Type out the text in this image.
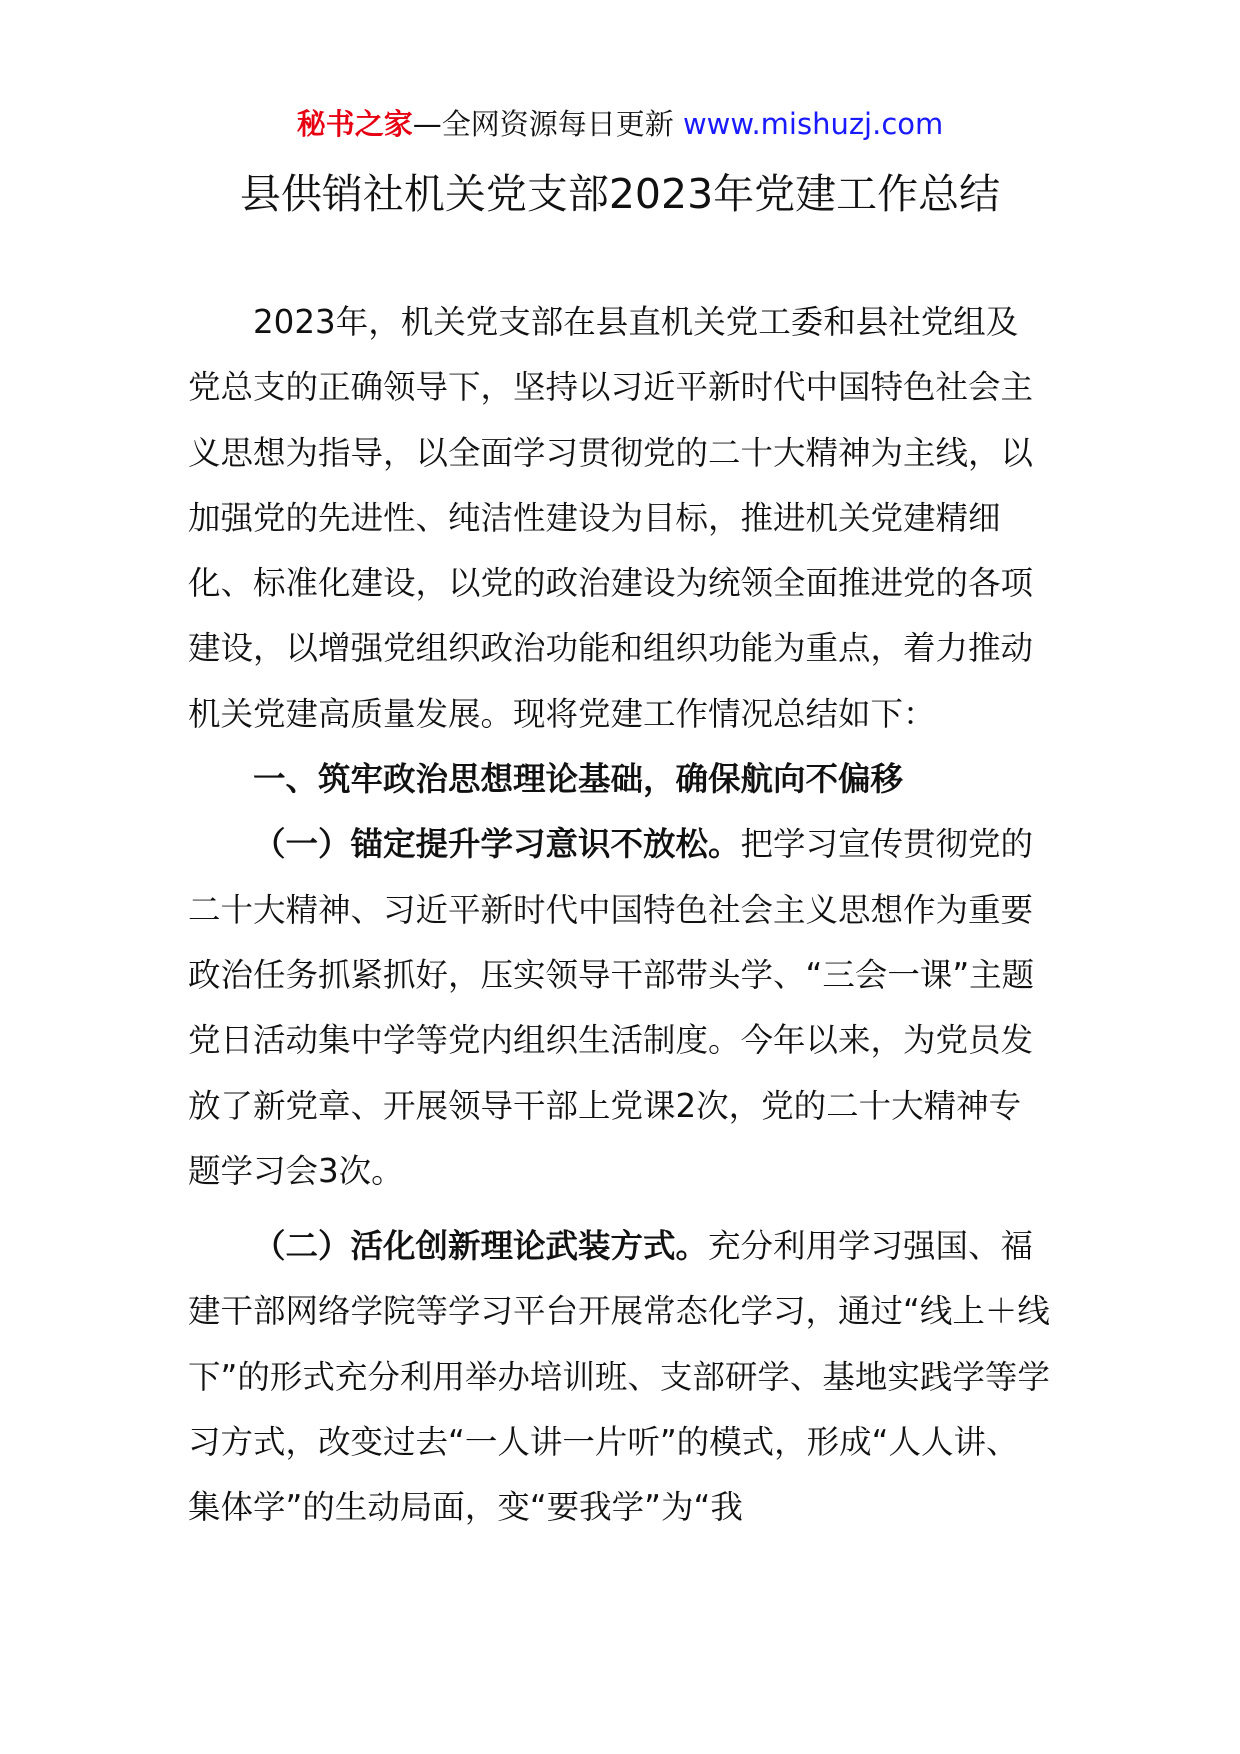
秘书之家—全网资源每日更新 www.mishuzj.com
县供销社机关党支部2023年党建工作总结

2023年，机关党支部在县直机关党工委和县社党组及党总支的正确领导下，坚持以习近平新时代中国特色社会主义思想为指导，以全面学习贯彻党的二十大精神为主线，以加强党的先进性、纯洁性建设为目标，推进机关党建精细化、标准化建设，以党的政治建设为统领全面推进党的各项建设，以增强党组织政治功能和组织功能为重点，着力推动机关党建高质量发展。现将党建工作情况总结如下：

一、筑牢政治思想理论基础，确保航向不偏移

（一）锚定提升学习意识不放松。把学习宣传贯彻党的二十大精神、习近平新时代中国特色社会主义思想作为重要政治任务抓紧抓好，压实领导干部带头学、“三会一课”主题党日活动集中学等党内组织生活制度。今年以来，为党员发放了新党章、开展领导干部上党课2次，党的二十大精神专题学习会3次。

（二）活化创新理论武装方式。充分利用学习强国、福建干部网络学院等学习平台开展常态化学习，通过“线上＋线下”的形式充分利用举办培训班、支部研学、基地实践学等学习方式，改变过去“一人讲一片听”的模式，形成“人人讲、集体学”的生动局面，变“要我学”为“我
